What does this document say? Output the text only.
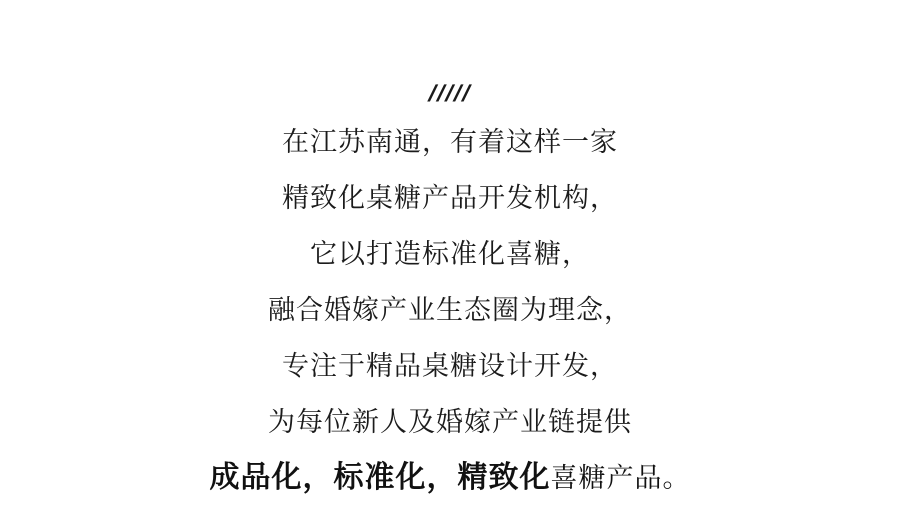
/////

在江苏南通，有着这样一家

精致化桌糖产品开发机构，

它以打造标准化喜糖，

融合婚嫁产业生态圈为理念，

专注于精品桌糖设计开发，

为每位新人及婚嫁产业链提供

成品化，标准化，精致化喜糖产品。
